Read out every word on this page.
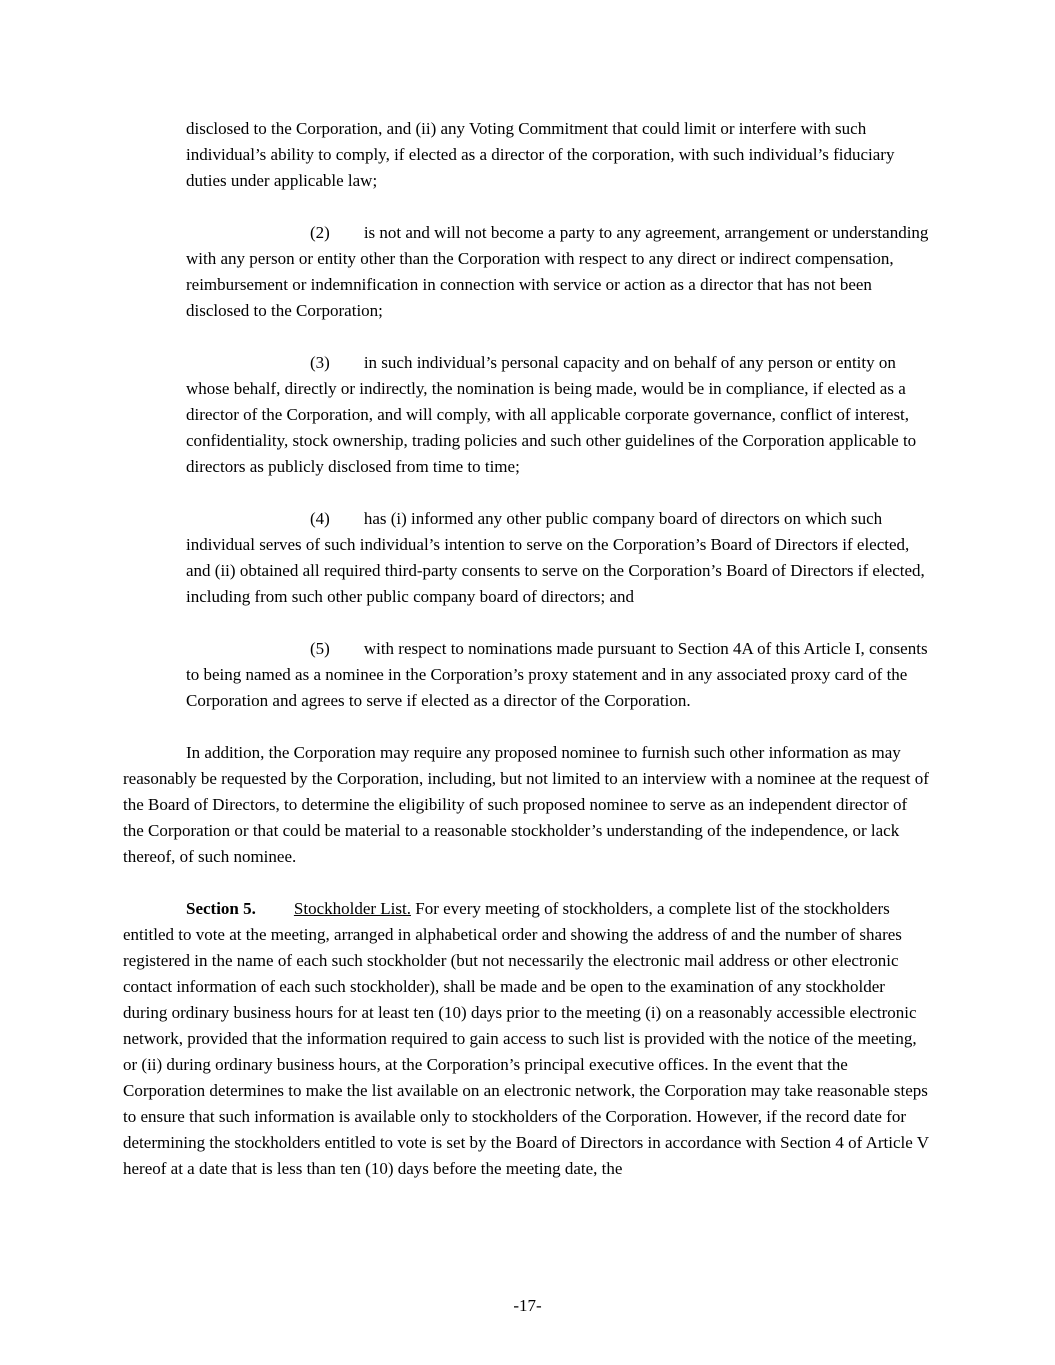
disclosed to the Corporation, and (ii) any Voting Commitment that could limit or interfere with such individual’s ability to comply, if elected as a director of the corporation, with such individual’s fiduciary duties under applicable law;

(2) is not and will not become a party to any agreement, arrangement or understanding with any person or entity other than the Corporation with respect to any direct or indirect compensation, reimbursement or indemnification in connection with service or action as a director that has not been disclosed to the Corporation;

(3) in such individual’s personal capacity and on behalf of any person or entity on whose behalf, directly or indirectly, the nomination is being made, would be in compliance, if elected as a director of the Corporation, and will comply, with all applicable corporate governance, conflict of interest, confidentiality, stock ownership, trading policies and such other guidelines of the Corporation applicable to directors as publicly disclosed from time to time;

(4) has (i) informed any other public company board of directors on which such individual serves of such individual’s intention to serve on the Corporation’s Board of Directors if elected, and (ii) obtained all required third-party consents to serve on the Corporation’s Board of Directors if elected, including from such other public company board of directors; and

(5) with respect to nominations made pursuant to Section 4A of this Article I, consents to being named as a nominee in the Corporation’s proxy statement and in any associated proxy card of the Corporation and agrees to serve if elected as a director of the Corporation.

In addition, the Corporation may require any proposed nominee to furnish such other information as may reasonably be requested by the Corporation, including, but not limited to an interview with a nominee at the request of the Board of Directors, to determine the eligibility of such proposed nominee to serve as an independent director of the Corporation or that could be material to a reasonable stockholder’s understanding of the independence, or lack thereof, of such nominee.

Section 5. Stockholder List. For every meeting of stockholders, a complete list of the stockholders entitled to vote at the meeting, arranged in alphabetical order and showing the address of and the number of shares registered in the name of each such stockholder (but not necessarily the electronic mail address or other electronic contact information of each such stockholder), shall be made and be open to the examination of any stockholder during ordinary business hours for at least ten (10) days prior to the meeting (i) on a reasonably accessible electronic network, provided that the information required to gain access to such list is provided with the notice of the meeting, or (ii) during ordinary business hours, at the Corporation’s principal executive offices. In the event that the Corporation determines to make the list available on an electronic network, the Corporation may take reasonable steps to ensure that such information is available only to stockholders of the Corporation. However, if the record date for determining the stockholders entitled to vote is set by the Board of Directors in accordance with Section 4 of Article V hereof at a date that is less than ten (10) days before the meeting date, the

-17-
